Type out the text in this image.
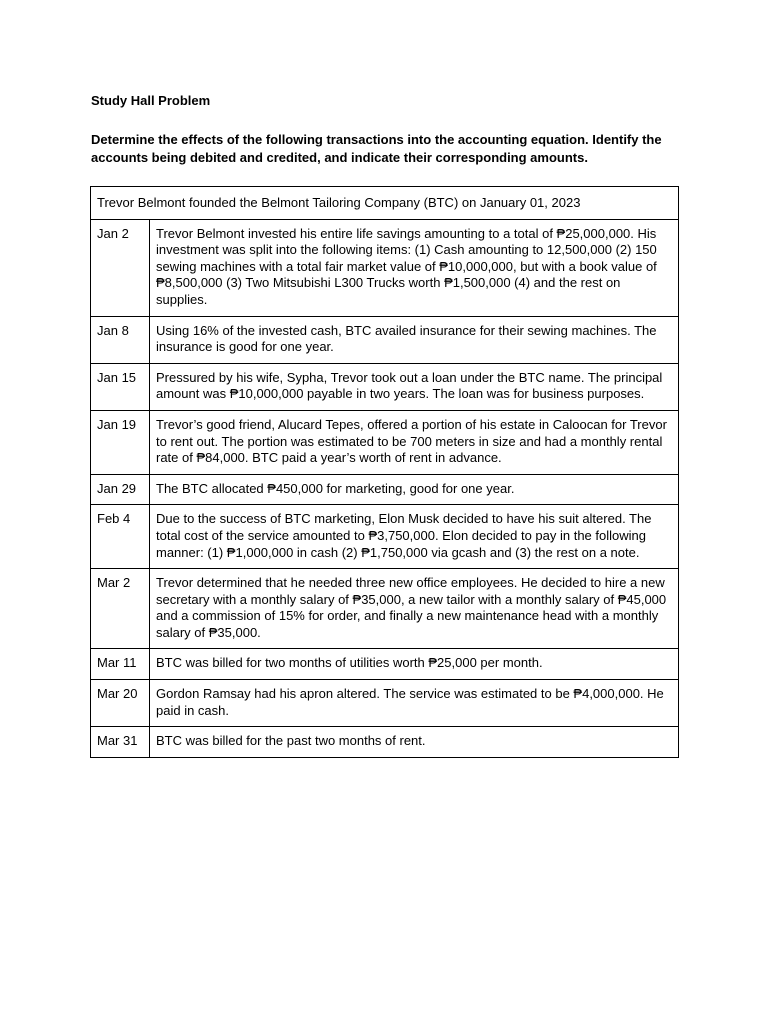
Study Hall Problem

Determine the effects of the following transactions into the accounting equation. Identify the accounts being debited and credited, and indicate their corresponding amounts.

Trevor Belmont founded the Belmont Tailoring Company (BTC) on January 01, 2023	
Jan 2	Trevor Belmont invested his entire life savings amounting to a total of ₱25,000,000. His investment was split into the following items: (1) Cash amounting to 12,500,000 (2) 150 sewing machines with a total fair market value of ₱10,000,000, but with a book value of ₱8,500,000 (3) Two Mitsubishi L300 Trucks worth ₱1,500,000 (4) and the rest on supplies.
Jan 8	Using 16% of the invested cash, BTC availed insurance for their sewing machines. The insurance is good for one year.
Jan 15	Pressured by his wife, Sypha, Trevor took out a loan under the BTC name. The principal amount was ₱10,000,000 payable in two years. The loan was for business purposes.
Jan 19	Trevor’s good friend, Alucard Tepes, offered a portion of his estate in Caloocan for Trevor to rent out. The portion was estimated to be 700 meters in size and had a monthly rental rate of ₱84,000. BTC paid a year’s worth of rent in advance.
Jan 29	The BTC allocated ₱450,000 for marketing, good for one year.
Feb 4	Due to the success of BTC marketing, Elon Musk decided to have his suit altered. The total cost of the service amounted to ₱3,750,000. Elon decided to pay in the following manner: (1) ₱1,000,000 in cash (2) ₱1,750,000 via gcash and (3) the rest on a note.
Mar 2	Trevor determined that he needed three new office employees. He decided to hire a new secretary with a monthly salary of ₱35,000, a new tailor with a monthly salary of ₱45,000 and a commission of 15% for order, and finally a new maintenance head with a monthly salary of ₱35,000.
Mar 11	BTC was billed for two months of utilities worth ₱25,000 per month.
Mar 20	Gordon Ramsay had his apron altered. The service was estimated to be ₱4,000,000. He paid in cash.
Mar 31	BTC was billed for the past two months of rent.
